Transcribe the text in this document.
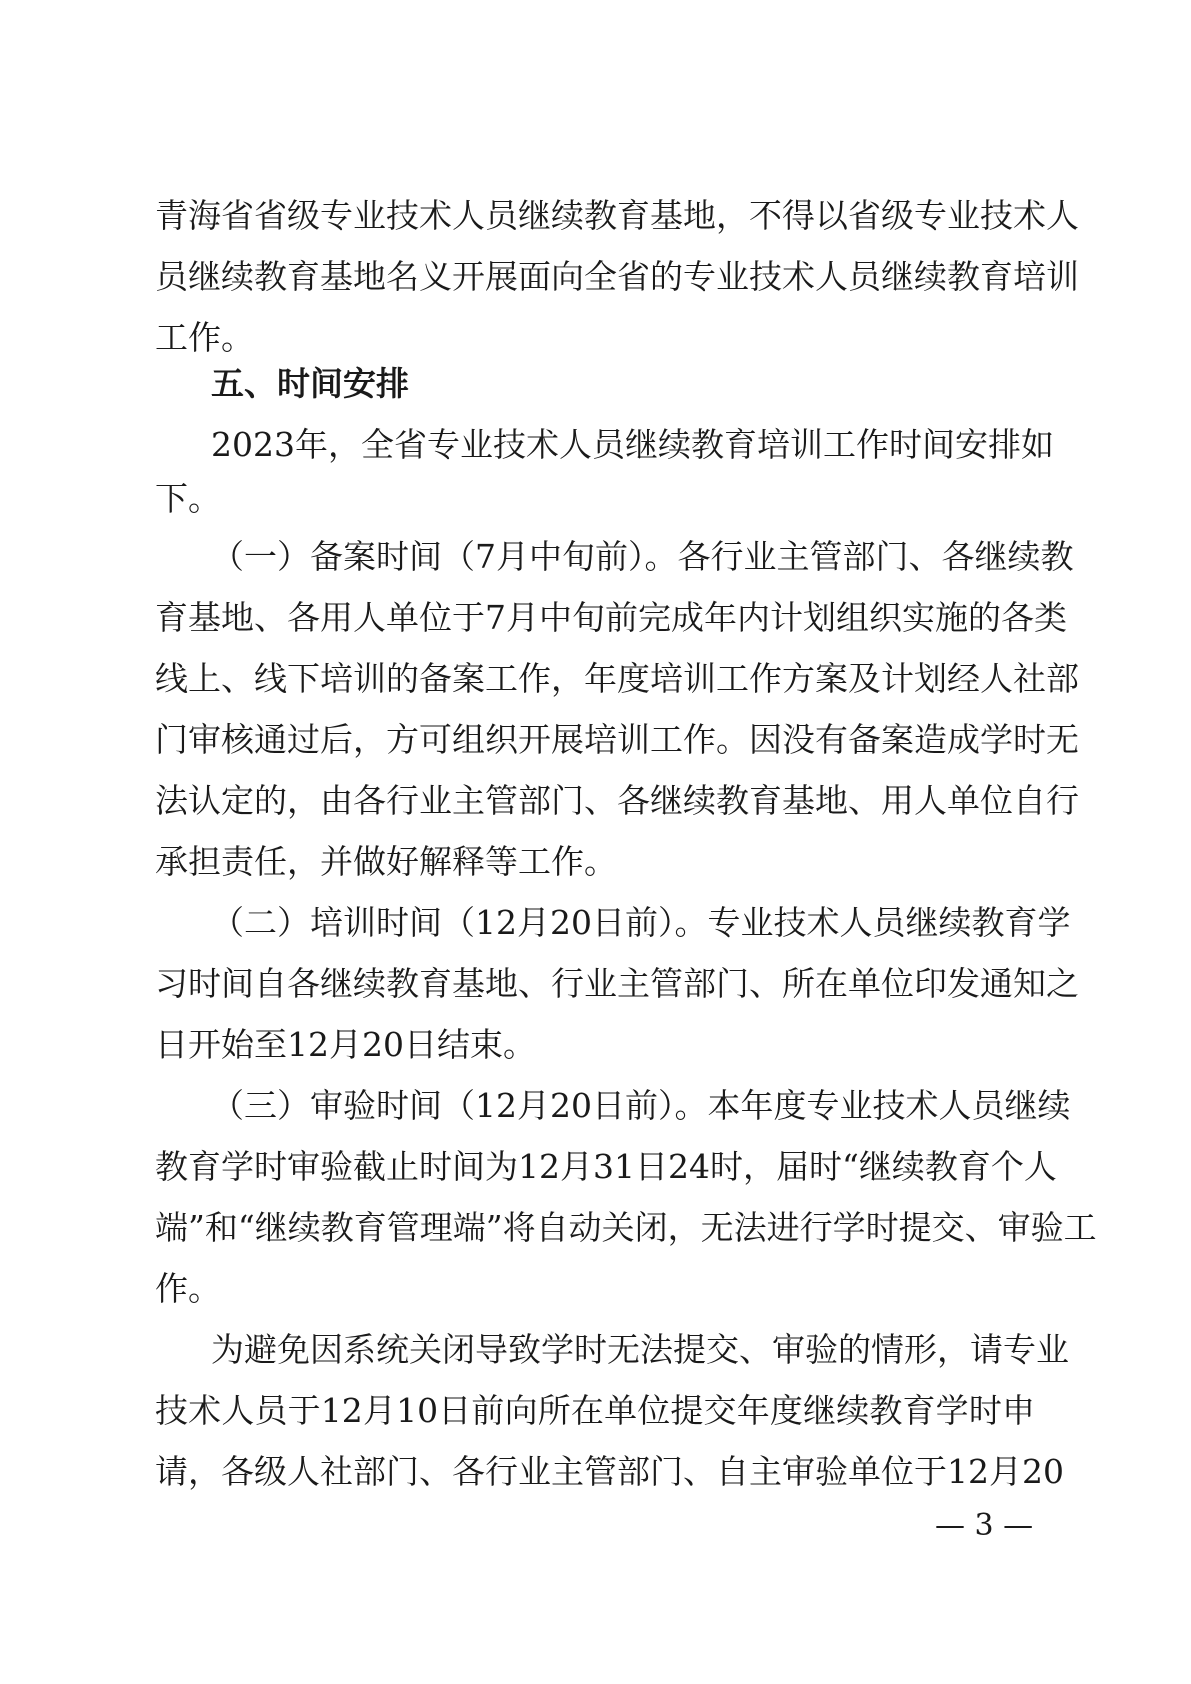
青海省省级专业技术人员继续教育基地，不得以省级专业技术人
员继续教育基地名义开展面向全省的专业技术人员继续教育培训
工作。
五、时间安排
2023年，全省专业技术人员继续教育培训工作时间安排如
下。
（一）备案时间（7月中旬前）。各行业主管部门、各继续教
育基地、各用人单位于7月中旬前完成年内计划组织实施的各类
线上、线下培训的备案工作，年度培训工作方案及计划经人社部
门审核通过后，方可组织开展培训工作。因没有备案造成学时无
法认定的，由各行业主管部门、各继续教育基地、用人单位自行
承担责任，并做好解释等工作。
（二）培训时间（12月20日前）。专业技术人员继续教育学
习时间自各继续教育基地、行业主管部门、所在单位印发通知之
日开始至12月20日结束。
（三）审验时间（12月20日前）。本年度专业技术人员继续
教育学时审验截止时间为12月31日24时，届时“继续教育个人
端”和“继续教育管理端”将自动关闭，无法进行学时提交、审验工
作。
为避免因系统关闭导致学时无法提交、审验的情形，请专业
技术人员于12月10日前向所在单位提交年度继续教育学时申
请，各级人社部门、各行业主管部门、自主审验单位于12月20
— 3 —
